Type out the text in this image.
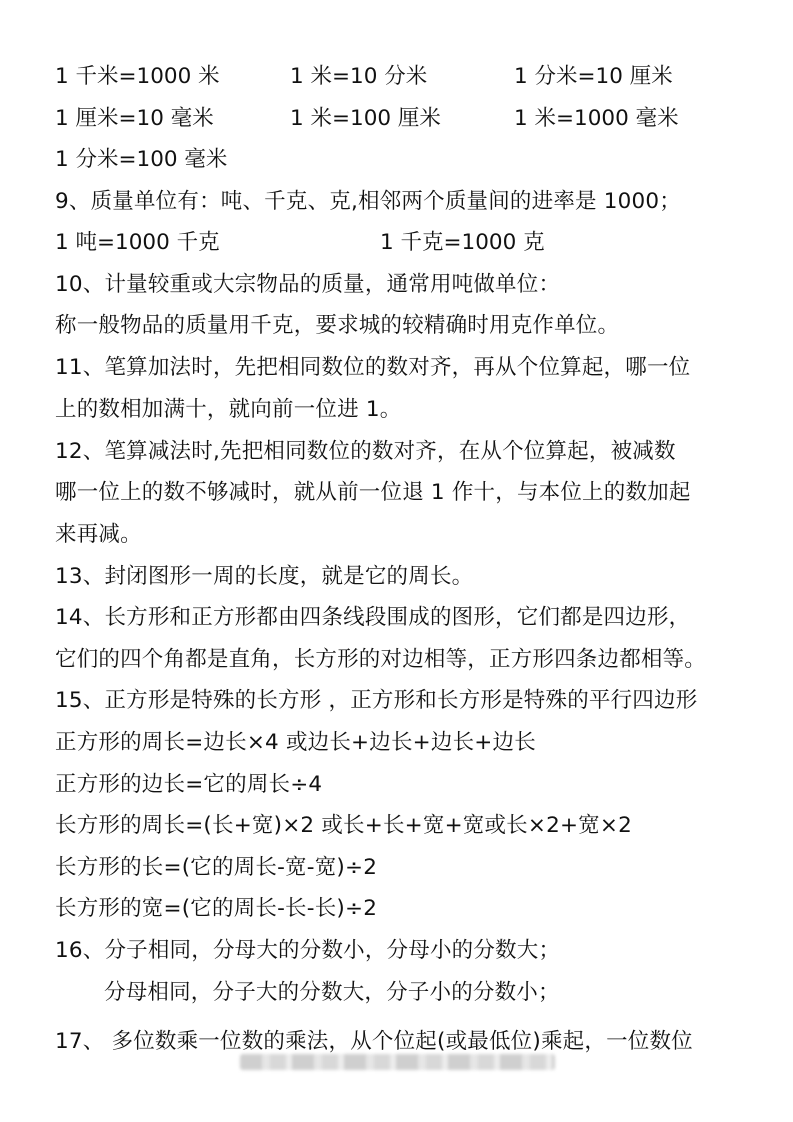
1 千米=1000 米	1 米=10 分米	1 分米=10 厘米
1 厘米=10 毫米	1 米=100 厘米	1 米=1000 毫米
1 分米=100 毫米
9、质量单位有：吨、千克、克,相邻两个质量间的进率是 1000；
1 吨=1000 千克	1 千克=1000 克
10、计量较重或大宗物品的质量，通常用吨做单位：
称一般物品的质量用千克，要求城的较精确时用克作单位。
11、笔算加法时，先把相同数位的数对齐，再从个位算起，哪一位
上的数相加满十，就向前一位进 1。
12、笔算减法时,先把相同数位的数对齐，在从个位算起，被减数
哪一位上的数不够减时，就从前一位退 1 作十，与本位上的数加起
来再减。
13、封闭图形一周的长度，就是它的周长。
14、长方形和正方形都由四条线段围成的图形，它们都是四边形，
它们的四个角都是直角，长方形的对边相等，正方形四条边都相等。
15、正方形是特殊的长方形 ，正方形和长方形是特殊的平行四边形
正方形的周长=边长×4 或边长+边长+边长+边长
正方形的边长=它的周长÷4
长方形的周长=(长+宽)×2 或长+长+宽+宽或长×2+宽×2
长方形的长=(它的周长-宽-宽)÷2
长方形的宽=(它的周长-长-长)÷2
16、分子相同，分母大的分数小，分母小的分数大；
分母相同，分子大的分数大，分子小的分数小；
17、 多位数乘一位数的乘法，从个位起(或最低位)乘起，一位数位
